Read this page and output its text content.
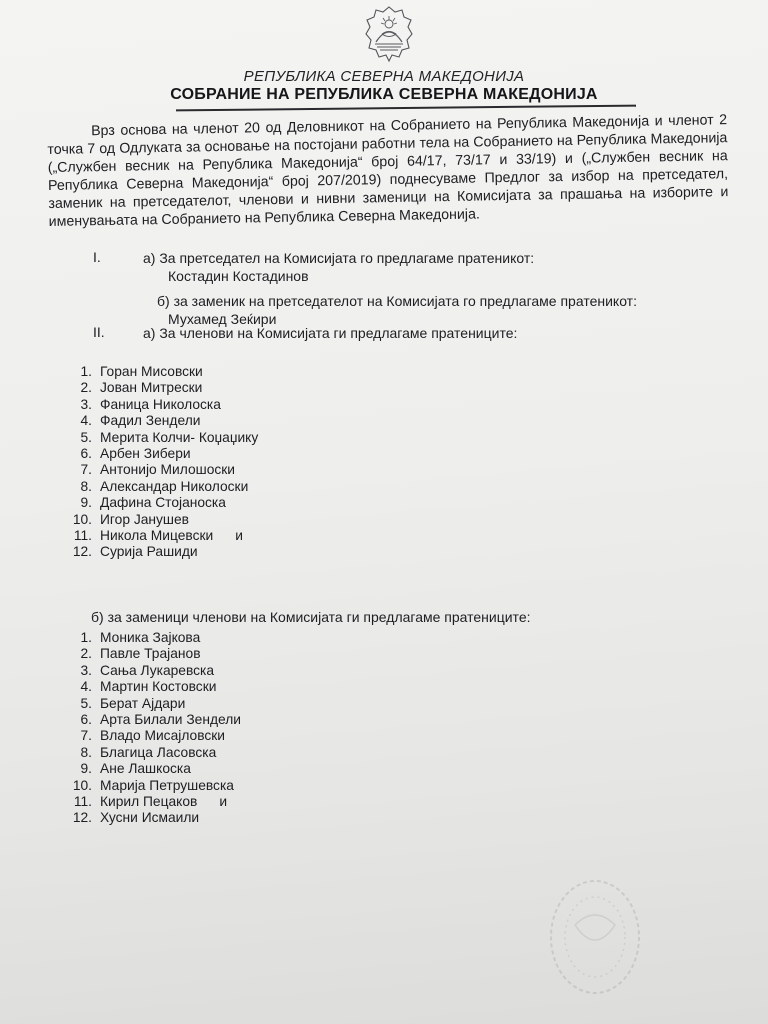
РЕПУБЛИКА СЕВЕРНА МАКЕДОНИЈА
СОБРАНИЕ НА РЕПУБЛИКА СЕВЕРНА МАКЕДОНИЈА

Врз основа на членот 20 од Деловникот на Собранието на Република Македонија и членот 2 точка 7 од Одлуката за основање на постојани работни тела на Собранието на Република Македонија („Службен весник на Република Македонија“ број 64/17, 73/17 и 33/19) и („Службен весник на Република Северна Македонија“ број 207/2019) поднесуваме Предлог за избор на претседател, заменик на претседателот, членови и нивни заменици на Комисијата за прашања на изборите и именувањата на Собранието на Република Северна Македонија.

I.	а) За претседател на Комисијата го предлагаме пратеникот:
Костадин Костадинов
б) за заменик на претседателот на Комисијата го предлагаме пратеникот:
Мухамед Зеќири
II.	а) За членови на Комисијата ги предлагаме пратениците:
1. Горан Мисовски
2. Јован Митрески
3. Фаница Николоска
4. Фадил Зендели
5. Мерита Колчи- Коџаџику
6. Арбен Зибери
7. Антонијо Милошоски
8. Александар Николоски
9. Дафина Стојаноска
10. Игор Јанушев
11. Никола Мицевски и
12. Сурија Рашиди
б) за заменици членови на Комисијата ги предлагаме пратениците:
1. Моника Зајкова
2. Павле Трајанов
3. Сања Лукаревска
4. Мартин Костовски
5. Берат Ајдари
6. Арта Билали Зендели
7. Владо Мисајловски
8. Благица Ласовска
9. Ане Лашкоска
10. Марија Петрушевска
11. Кирил Пецаков и
12. Хусни Исмаили
